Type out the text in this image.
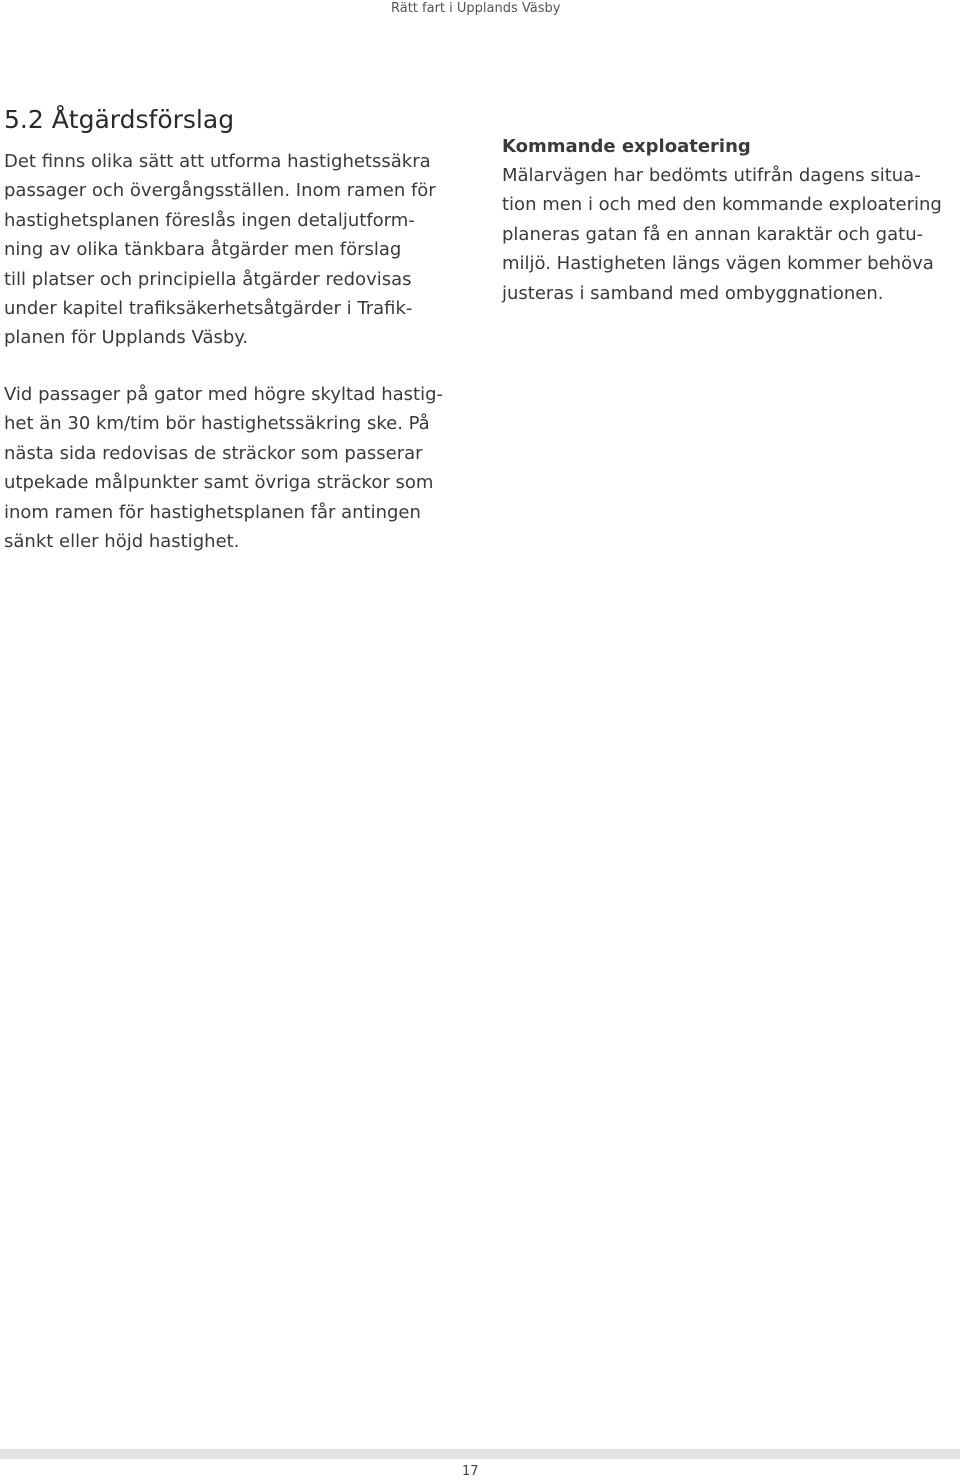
Rätt fart i Upplands Väsby
5.2 Åtgärdsförslag

Det finns olika sätt att utforma hastighetssäkra
passager och övergångsställen. Inom ramen för
hastighetsplanen föreslås ingen detaljutform-
ning av olika tänkbara åtgärder men förslag
till platser och principiella åtgärder redovisas
under kapitel trafiksäkerhetsåtgärder i Trafik-
planen för Upplands Väsby.

Vid passager på gator med högre skyltad hastig-
het än 30 km/tim bör hastighetssäkring ske. På
nästa sida redovisas de sträckor som passerar
utpekade målpunkter samt övriga sträckor som
inom ramen för hastighetsplanen får antingen
sänkt eller höjd hastighet.

Kommande exploatering

Mälarvägen har bedömts utifrån dagens situa-
tion men i och med den kommande exploatering
planeras gatan få en annan karaktär och gatu-
miljö. Hastigheten längs vägen kommer behöva
justeras i samband med ombyggnationen.

17
